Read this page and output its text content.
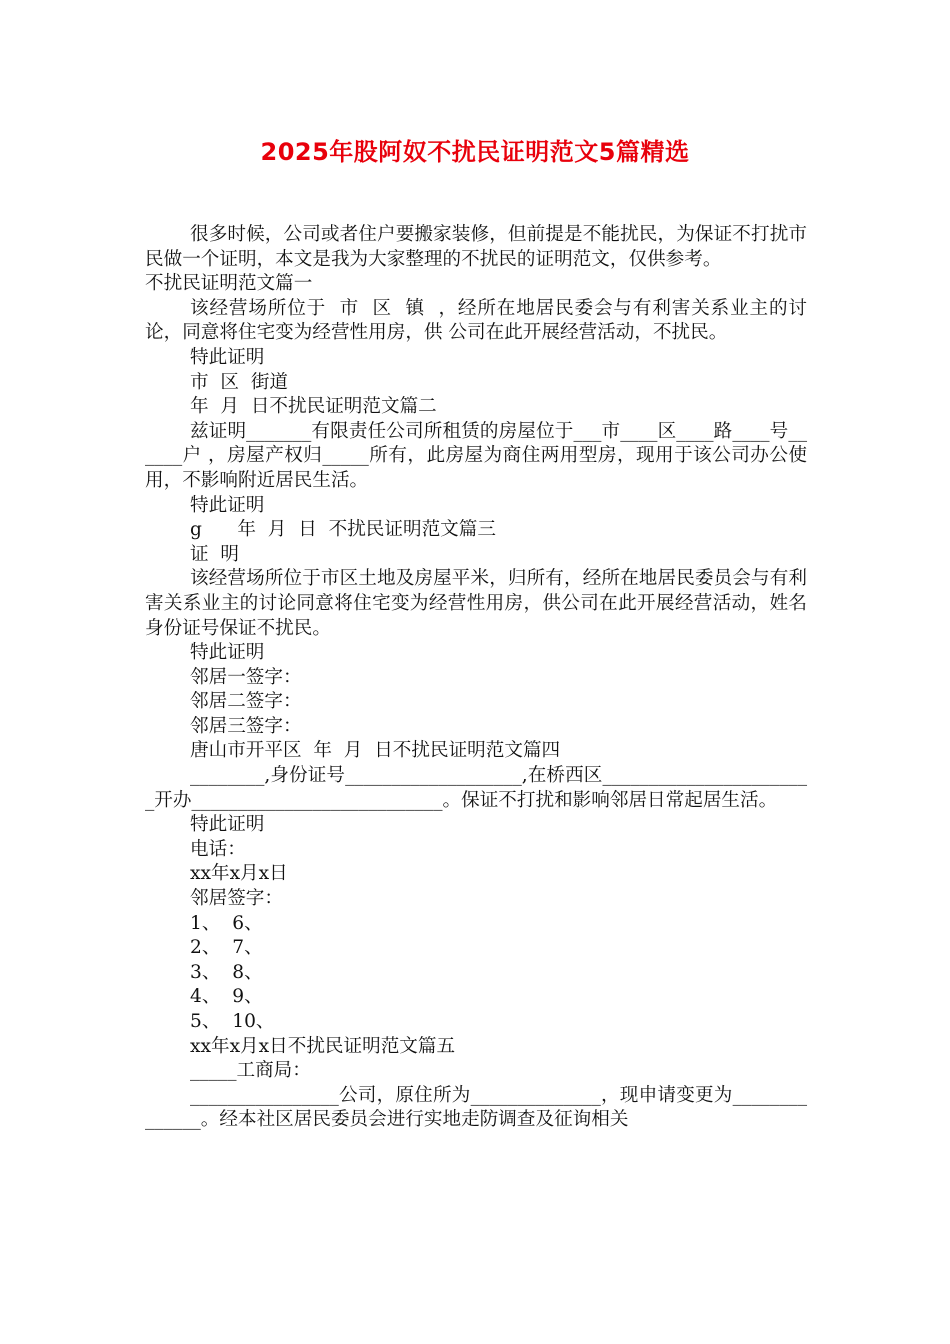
2025年股阿奴不扰民证明范文5篇精选

很多时候，公司或者住户要搬家装修，但前提是不能扰民，为保证不打扰市民做一个证明，本文是我为大家整理的不扰民的证明范文，仅供参考。

不扰民证明范文篇一

该经营场所位于  市  区  镇  ，经所在地居民委会与有利害关系业主的讨论，同意将住宅变为经营性用房，供 公司在此开展经营活动，不扰民。

特此证明

市  区  街道

年  月  日不扰民证明范文篇二

兹证明_______有限责任公司所租赁的房屋位于___市____区____路____号______户 ，房屋产权归_____所有，此房屋为商住两用型房，现用于该公司办公使用，不影响附近居民生活。

特此证明

g      年  月  日  不扰民证明范文篇三

证  明

该经营场所位于市区土地及房屋平米，归所有，经所在地居民委员会与有利害关系业主的讨论同意将住宅变为经营性用房，供公司在此开展经营活动，姓名身份证号保证不扰民。

特此证明

邻居一签字：

邻居二签字：

邻居三签字：

唐山市开平区  年  月  日不扰民证明范文篇四

________,身份证号___________________,在桥西区_______________________开办___________________________。保证不打扰和影响邻居日常起居生活。

特此证明

电话：

xx年x月x日

邻居签字：

1、  6、

2、  7、

3、  8、

4、  9、

5、  10、

xx年x月x日不扰民证明范文篇五

_____工商局：

________________公司，原住所为______________，现申请变更为______________。经本社区居民委员会进行实地走防调查及征询相关
